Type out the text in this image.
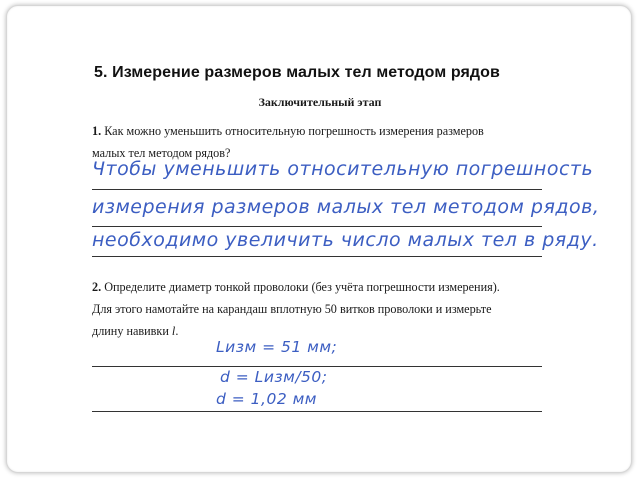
5. Измерение размеров малых тел методом рядов
Заключительный этап
1. Как можно уменьшить относительную погрешность измерения размеров
малых тел методом рядов?
Чтобы уменьшить относительную погрешность
измерения размеров малых тел методом рядов,
необходимо увеличить число малых тел в ряду.
2. Определите диаметр тонкой проволоки (без учёта погрешности измерения).
Для этого намотайте на карандаш вплотную 50 витков проволоки и измерьте
длину навивки l.
Lизм = 51 мм;
d = Lизм/50;
d = 1,02 мм
